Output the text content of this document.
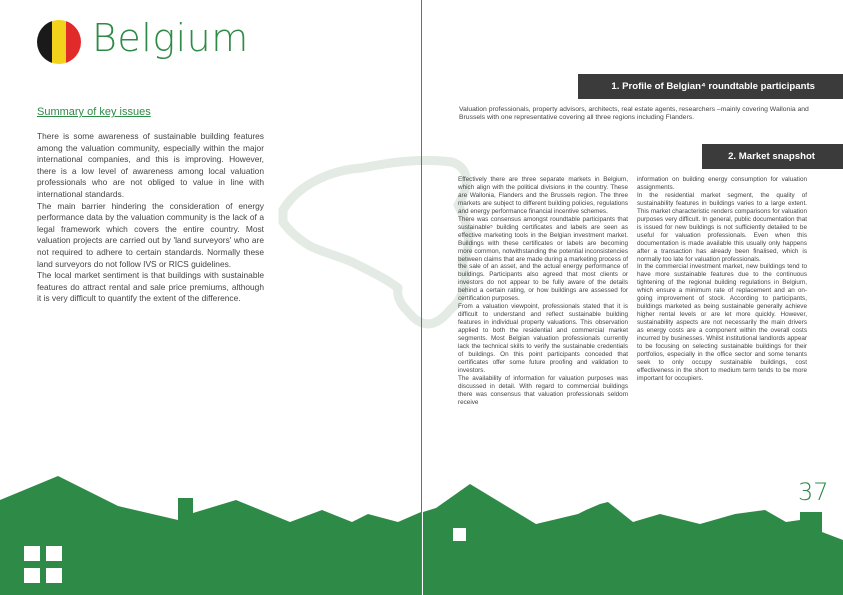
Belgium
Summary of key issues

There is some awareness of sustainable building features among the valuation community, especially within the major international companies, and this is improving. However, there is a low level of awareness among local valuation professionals who are not obliged to value in line with international standards.

The main barrier hindering the consideration of energy performance data by the valuation community is the lack of a legal framework which covers the entire country. Most valuation projects are carried out by 'land surveyors' who are not required to adhere to certain standards. Normally these land surveyors do not follow IVS or RICS guidelines.

The local market sentiment is that buildings with sustainable features do attract rental and sale price premiums, although it is very difficult to quantify the extent of the difference.

1. Profile of Belgian⁴ roundtable participants
Valuation professionals, property advisors, architects, real estate agents, researchers –mainly covering Wallonia and Brussels with one representative covering all three regions including Flanders.
2. Market snapshot

Effectively there are three separate markets in Belgium, which align with the political divisions in the country. These are Wallonia, Flanders and the Brussels region. The three markets are subject to different building policies, regulations and energy performance financial incentive schemes.

There was consensus amongst roundtable participants that sustainable⁵ building certificates and labels are seen as effective marketing tools in the Belgian investment market. Buildings with these certificates or labels are becoming more common, notwithstanding the potential inconsistencies between claims that are made during a marketing process of the sale of an asset, and the actual energy performance of buildings. Participants also agreed that most clients or investors do not appear to be fully aware of the details behind a certain rating, or how buildings are assessed for certification purposes.

From a valuation viewpoint, professionals stated that it is difficult to understand and reflect sustainable building features in individual property valuations. This observation applied to both the residential and commercial market segments. Most Belgian valuation professionals currently lack the technical skills to verify the sustainable credentials of buildings. On this point participants conceded that certificates offer some future proofing and validation to investors.

The availability of information for valuation purposes was discussed in detail. With regard to commercial buildings there was consensus that valuation professionals seldom receive

information on building energy consumption for valuation assignments.

In the residential market segment, the quality of sustainability features in buildings varies to a large extent. This market characteristic renders comparisons for valuation purposes very difficult. In general, public documentation that is issued for new buildings is not sufficiently detailed to be useful for valuation professionals. Even when this documentation is made available this usually only happens after a transaction has already been finalised, which is normally too late for valuation professionals.

In the commercial investment market, new buildings tend to have more sustainable features due to the continuous tightening of the regional building regulations in Belgium, which ensure a minimum rate of replacement and an on-going improvement of stock. According to participants, buildings marketed as being sustainable generally achieve higher rental levels or are let more quickly. However, sustainability aspects are not necessarily the main drivers as energy costs are a component within the overall costs incurred by businesses. Whilst institutional landlords appear to be focusing on selecting sustainable buildings for their portfolios, especially in the office sector and some tenants seek to only occupy sustainable buildings, cost effectiveness in the short to medium term tends to be more important for occupiers.

37
